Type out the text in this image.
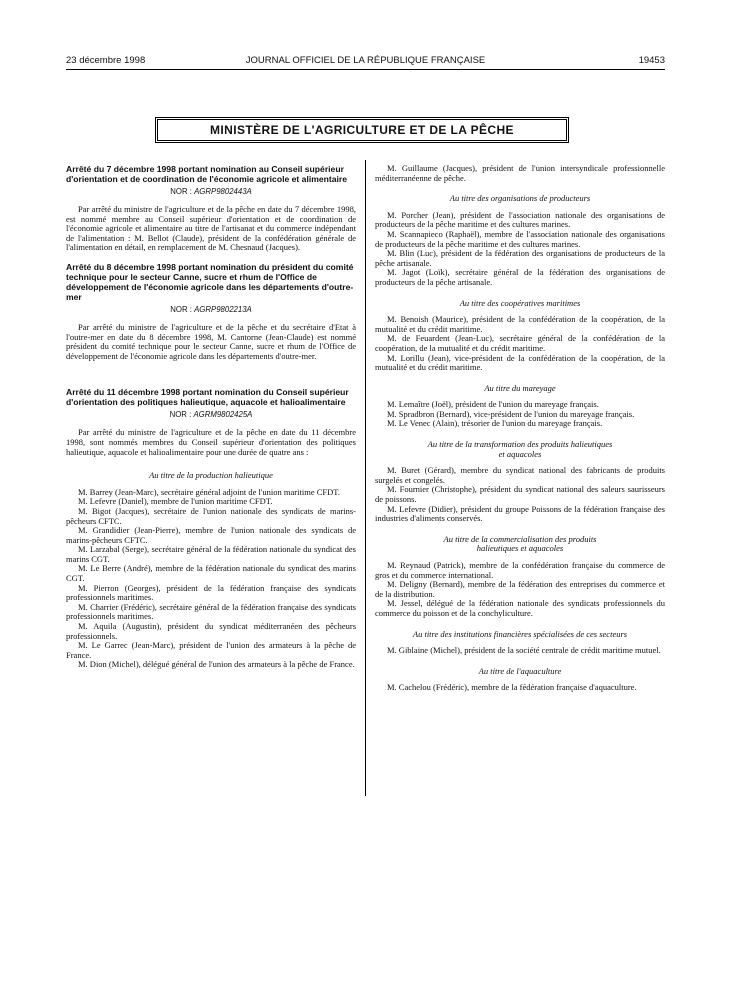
23 décembre 1998	JOURNAL OFFICIEL DE LA RÉPUBLIQUE FRANÇAISE	19453
MINISTÈRE DE L'AGRICULTURE ET DE LA PÊCHE

Arrêté du 7 décembre 1998 portant nomination au Conseil supérieur d'orientation et de coordination de l'économie agricole et alimentaire

NOR : AGRP9802443A

Par arrêté du ministre de l'agriculture et de la pêche en date du 7 décembre 1998, est nommé membre au Conseil supérieur d'orientation et de coordination de l'économie agricole et alimentaire au titre de l'artisanat et du commerce indépendant de l'alimentation : M. Bellot (Claude), président de la confédération générale de l'alimentation en détail, en remplacement de M. Chesnaud (Jacques).

Arrêté du 8 décembre 1998 portant nomination du président du comité technique pour le secteur Canne, sucre et rhum de l'Office de développement de l'économie agricole dans les départements d'outre-mer

NOR : AGRP9802213A

Par arrêté du ministre de l'agriculture et de la pêche et du secrétaire d'Etat à l'outre-mer en date du 8 décembre 1998, M. Cantorne (Jean-Claude) est nommé président du comité technique pour le secteur Canne, sucre et rhum de l'Office de développement de l'économie agricole dans les départements d'outre-mer.

Arrêté du 11 décembre 1998 portant nomination du Conseil supérieur d'orientation des politiques halieutique, aquacole et halioalimentaire

NOR : AGRM9802425A

Par arrêté du ministre de l'agriculture et de la pêche en date du 11 décembre 1998, sont nommés membres du Conseil supérieur d'orientation des politiques halieutique, aquacole et halioalimentaire pour une durée de quatre ans :

Au titre de la production halieutique

M. Barrey (Jean-Marc), secrétaire général adjoint de l'union maritime CFDT.

M. Lefevre (Daniel), membre de l'union maritime CFDT.

M. Bigot (Jacques), secrétaire de l'union nationale des syndicats de marins-pêcheurs CFTC.

M. Grandidier (Jean-Pierre), membre de l'union nationale des syndicats de marins-pêcheurs CFTC.

M. Larzabal (Serge), secrétaire général de la fédération nationale du syndicat des marins CGT.

M. Le Berre (André), membre de la fédération nationale du syndicat des marins CGT.

M. Pierron (Georges), président de la fédération française des syndicats professionnels maritimes.

M. Charrier (Frédéric), secrétaire général de la fédération française des syndicats professionnels maritimes.

M. Aquila (Augustin), président du syndicat méditerranéen des pêcheurs professionnels.

M. Le Garrec (Jean-Marc), président de l'union des armateurs à la pêche de France.

M. Dion (Michel), délégué général de l'union des armateurs à la pêche de France.

M. Guillaume (Jacques), président de l'union intersyndicale professionnelle méditerranéenne de pêche.

Au titre des organisations de producteurs

M. Porcher (Jean), président de l'association nationale des organisations de producteurs de la pêche maritime et des cultures marines.

M. Scannapieco (Raphaël), membre de l'association nationale des organisations de producteurs de la pêche maritime et des cultures marines.

M. Blin (Luc), président de la fédération des organisations de producteurs de la pêche artisanale.

M. Jagot (Loïk), secrétaire général de la fédération des organisations de producteurs de la pêche artisanale.

Au titre des coopératives maritimes

M. Benoish (Maurice), président de la confédération de la coopération, de la mutualité et du crédit maritime.

M. de Feuardent (Jean-Luc), secrétaire général de la confédération de la coopération, de la mutualité et du crédit maritime.

M. Lorillu (Jean), vice-président de la confédération de la coopération, de la mutualité et du crédit maritime.

Au titre du mareyage

M. Lemaître (Joël), président de l'union du mareyage français.

M. Spradbron (Bernard), vice-président de l'union du mareyage français.

M. Le Venec (Alain), trésorier de l'union du mareyage français.

Au titre de la transformation des produits halieutiques et aquacoles

M. Buret (Gérard), membre du syndicat national des fabricants de produits surgelés et congelés.

M. Fournier (Christophe), président du syndicat national des saleurs saurisseurs de poissons.

M. Lefevre (Didier), président du groupe Poissons de la fédération française des industries d'aliments conservés.

Au titre de la commercialisation des produits halieutiques et aquacoles

M. Reynaud (Patrick), membre de la confédération française du commerce de gros et du commerce international.

M. Deligny (Bernard), membre de la fédération des entreprises du commerce et de la distribution.

M. Jessel, délégué de la fédération nationale des syndicats professionnels du commerce du poisson et de la conchyliculture.

Au titre des institutions financières spécialisées de ces secteurs

M. Giblaine (Michel), président de la société centrale de crédit maritime mutuel.

Au titre de l'aquaculture

M. Cachelou (Frédéric), membre de la fédération française d'aquaculture.
